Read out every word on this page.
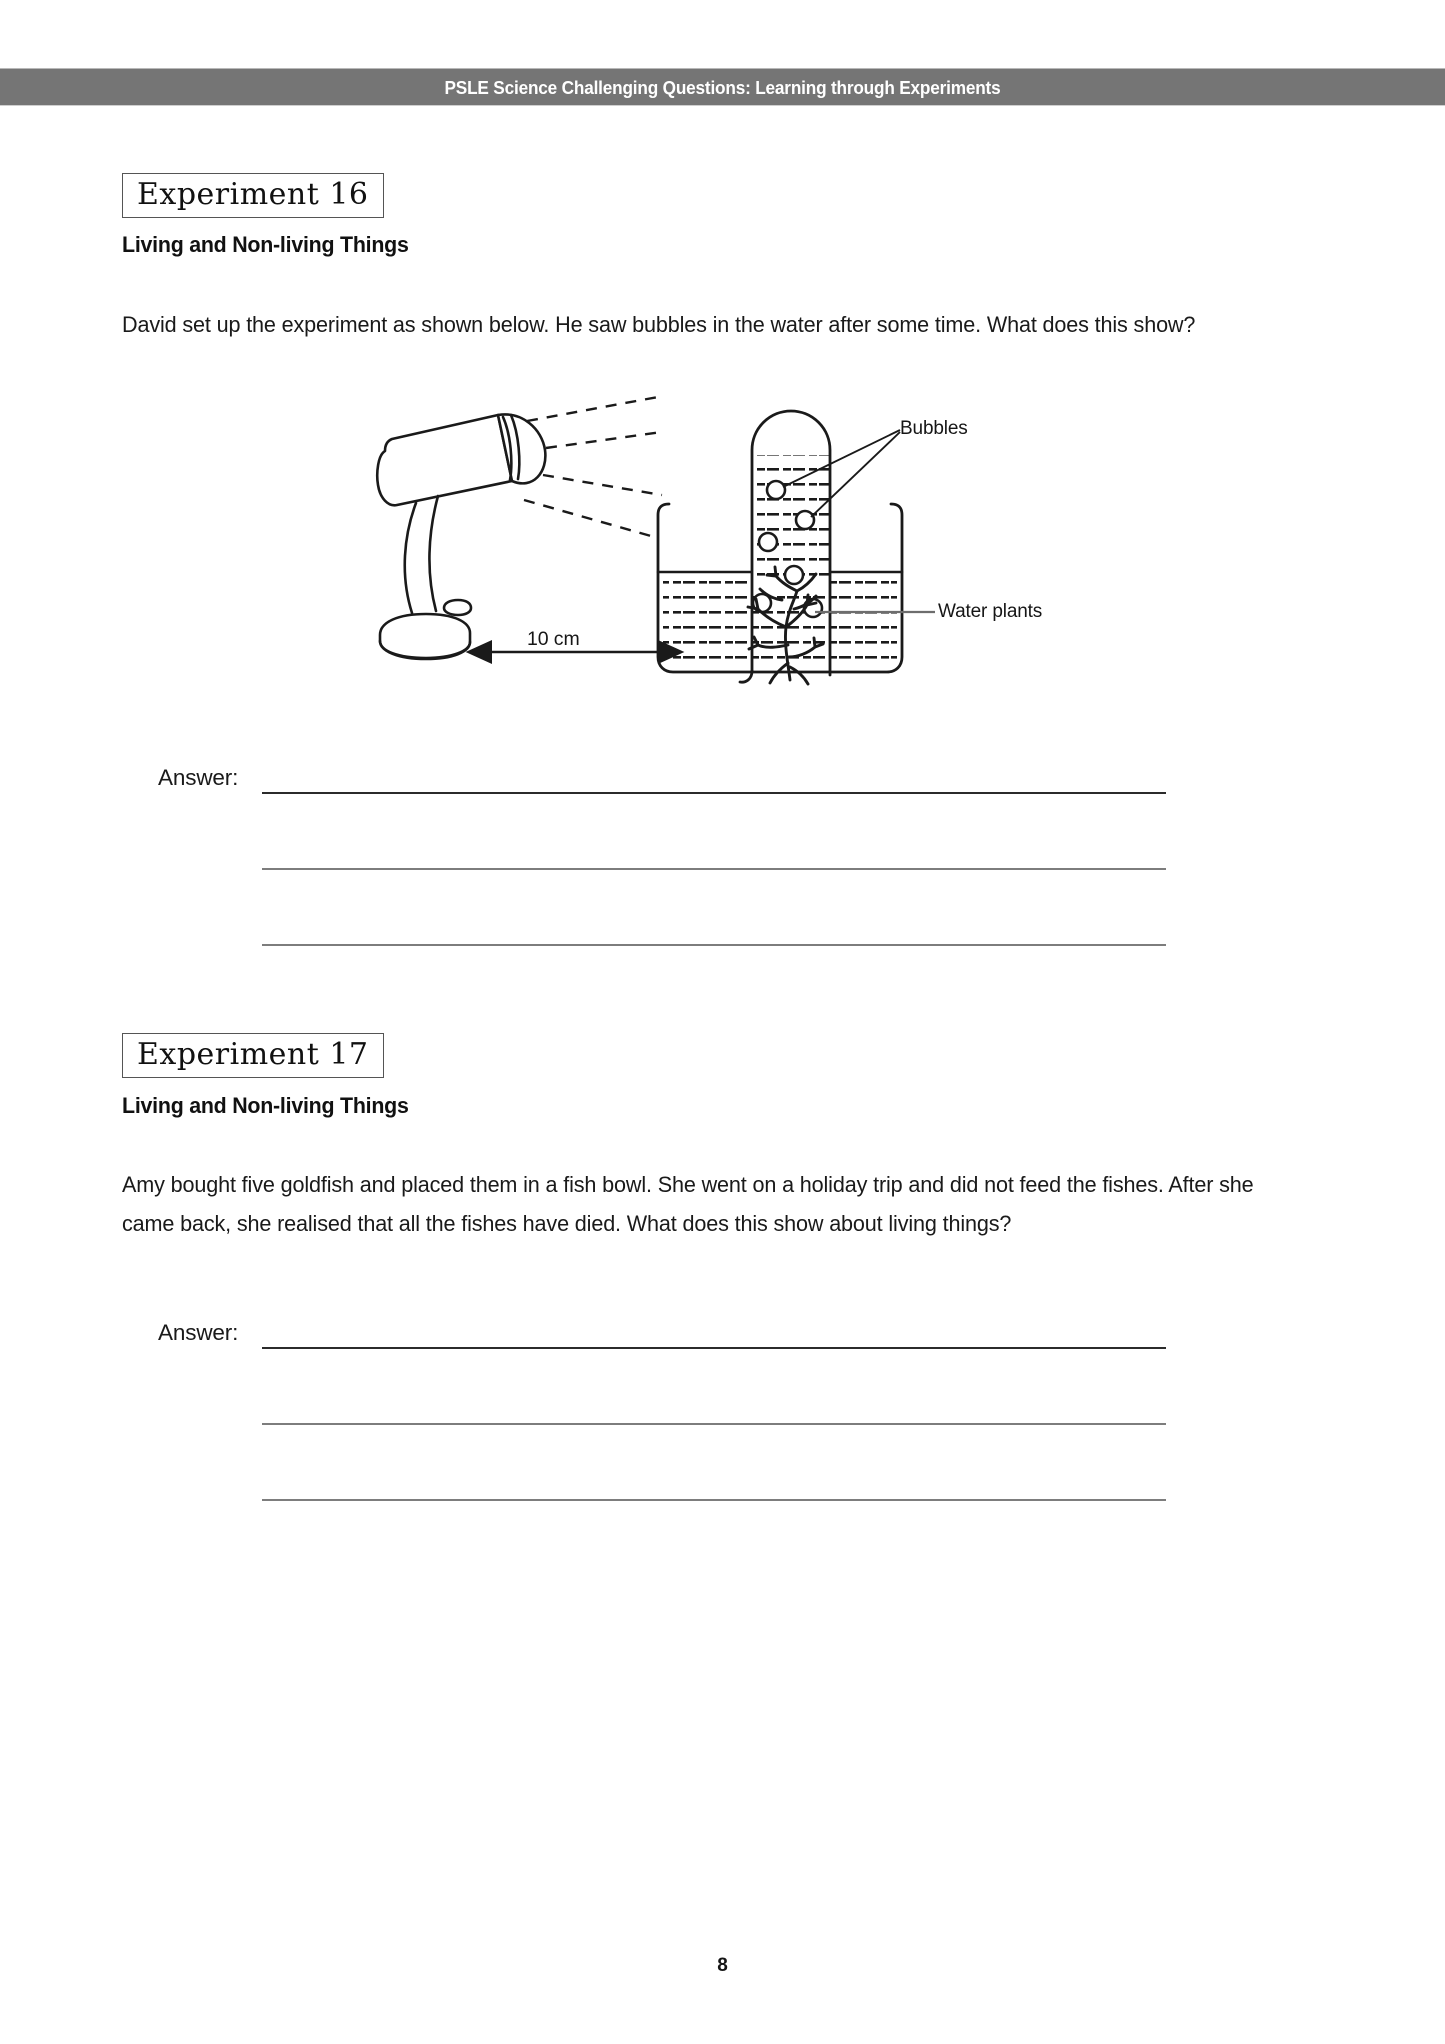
PSLE Science Challenging Questions: Learning through Experiments
Experiment 16
Living and Non-living Things
David set up the experiment as shown below. He saw bubbles in the water after some time. What does this show?
Bubbles
Water plants
10 cm
Answer:
Experiment 17
Living and Non-living Things
Amy bought five goldfish and placed them in a fish bowl. She went on a holiday trip and did not feed the fishes. After she came back, she realised that all the fishes have died. What does this show about living things?
Answer:
8
